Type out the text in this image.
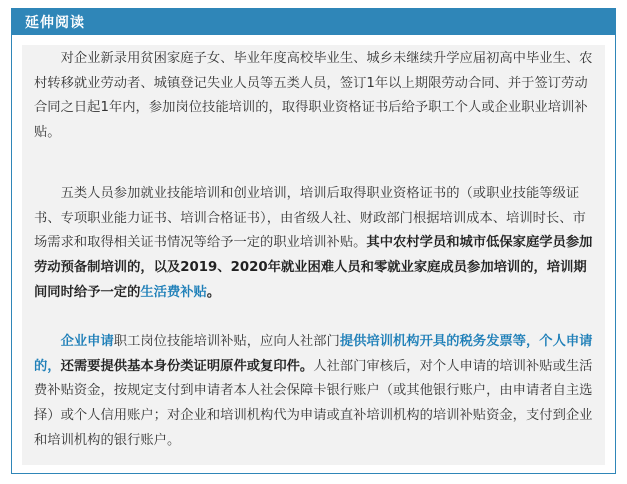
延伸阅读

对企业新录用贫困家庭子女、毕业年度高校毕业生、城乡未继续升学应届初高中毕业生、农村转移就业劳动者、城镇登记失业人员等五类人员，签订1年以上期限劳动合同、并于签订劳动合同之日起1年内，参加岗位技能培训的，取得职业资格证书后给予职工个人或企业职业培训补贴。

五类人员参加就业技能培训和创业培训，培训后取得职业资格证书的（或职业技能等级证书、专项职业能力证书、培训合格证书），由省级人社、财政部门根据培训成本、培训时长、市场需求和取得相关证书情况等给予一定的职业培训补贴。其中农村学员和城市低保家庭学员参加劳动预备制培训的，以及2019、2020年就业困难人员和零就业家庭成员参加培训的，培训期间同时给予一定的生活费补贴。

企业申请职工岗位技能培训补贴，应向人社部门提供培训机构开具的税务发票等，个人申请的，还需要提供基本身份类证明原件或复印件。人社部门审核后，对个人申请的培训补贴或生活费补贴资金，按规定支付到申请者本人社会保障卡银行账户（或其他银行账户，由申请者自主选择）或个人信用账户；对企业和培训机构代为申请或直补培训机构的培训补贴资金，支付到企业和培训机构的银行账户。
